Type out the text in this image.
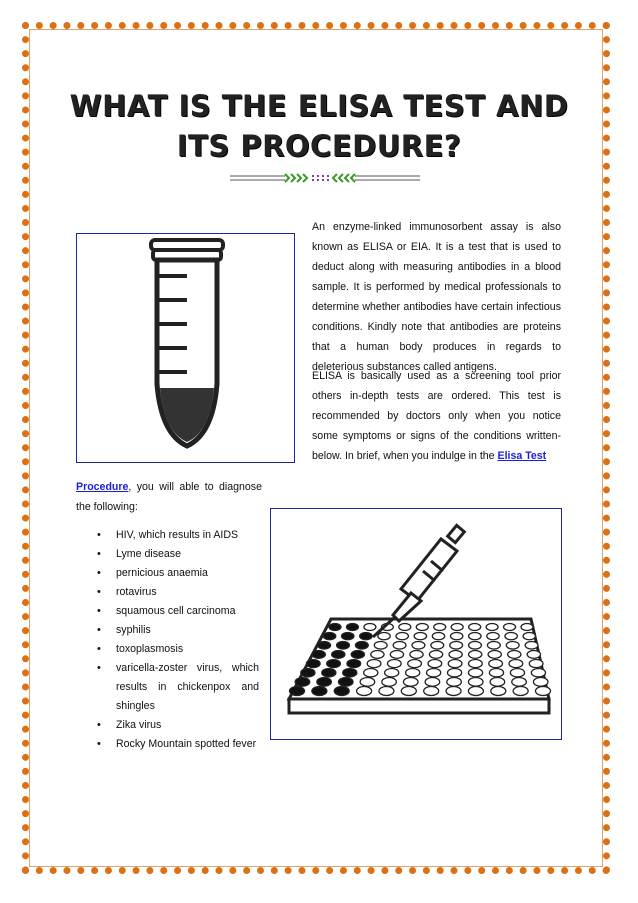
WHAT IS THE ELISA TEST AND ITS PROCEDURE?

An enzyme-linked immunosorbent assay is also known as ELISA or EIA. It is a test that is used to deduct along with measuring antibodies in a blood sample. It is performed by medical professionals to determine whether antibodies have certain infectious conditions. Kindly note that antibodies are proteins that a human body produces in regards to deleterious substances called antigens.

ELISA is basically used as a screening tool prior others in-depth tests are ordered. This test is recommended by doctors only when you notice some symptoms or signs of the conditions written-below. In brief, when you indulge in the Elisa Test

Procedure, you will able to diagnose the following:

• HIV, which results in AIDS
• Lyme disease
• pernicious anaemia
• rotavirus
• squamous cell carcinoma
• syphilis
• toxoplasmosis
• varicella-zoster virus, which results in chickenpox and shingles
• Zika virus
• Rocky Mountain spotted fever
